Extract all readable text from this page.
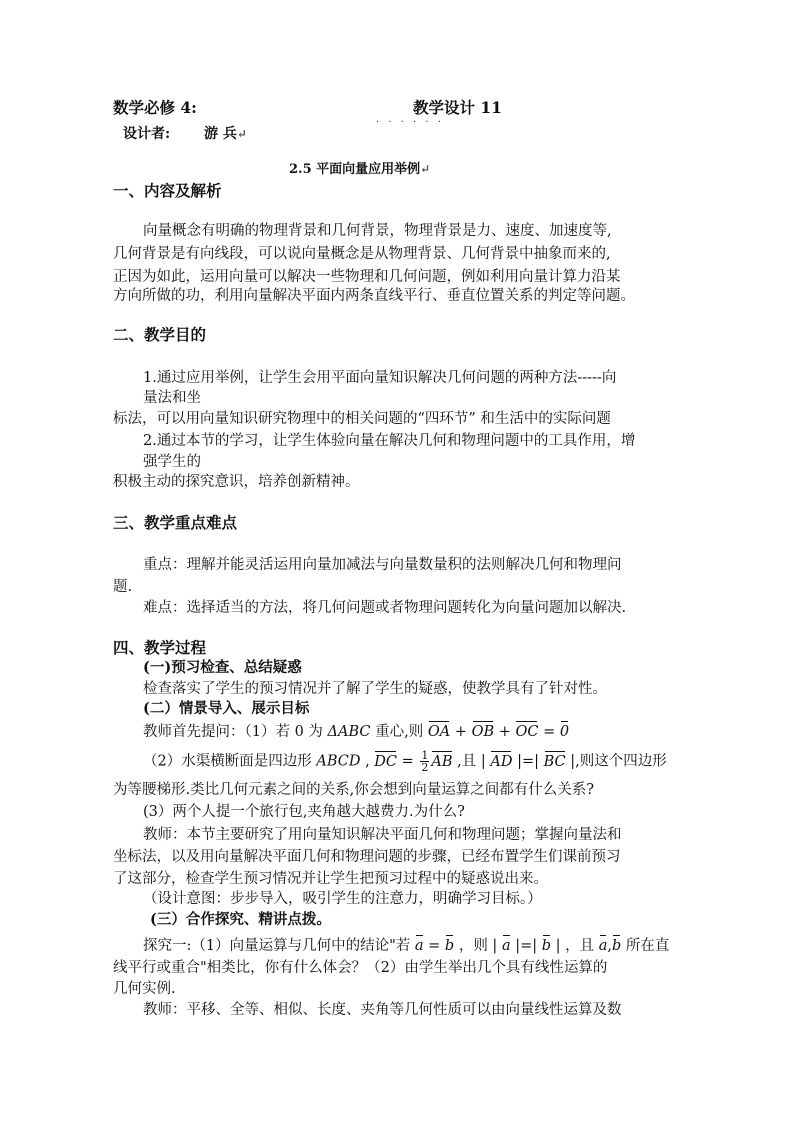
数学必修 4:	教学设计 11
· · · · · ·
设计者: 游 兵↵
2.5 平面向量应用举例↵
一、内容及解析
向量概念有明确的物理背景和几何背景，物理背景是力、速度、加速度等,
几何背景是有向线段，可以说向量概念是从物理背景、几何背景中抽象而来的,
正因为如此，运用向量可以解决一些物理和几何问题，例如利用向量计算力沿某
方向所做的功，利用向量解决平面内两条直线平行、垂直位置关系的判定等问题。
二、教学目的
1.通过应用举例，让学生会用平面向量知识解决几何问题的两种方法-----向
量法和坐
标法，可以用向量知识研究物理中的相关问题的“四环节” 和生活中的实际问题
2.通过本节的学习，让学生体验向量在解决几何和物理问题中的工具作用，增
强学生的
积极主动的探究意识，培养创新精神。
三、教学重点难点
重点：理解并能灵活运用向量加减法与向量数量积的法则解决几何和物理问
题.
难点：选择适当的方法，将几何问题或者物理问题转化为向量问题加以解决.
四、教学过程
(一)预习检查、总结疑惑
检查落实了学生的预习情况并了解了学生的疑惑，使教学具有了针对性。
(二）情景导入、展示目标
教师首先提问：（1）若 0 为 ΔABC 重心,则 OA + OB + OC = 0
（2）水渠横断面是四边形 ABCD , DC = $\frac{1}{2}$ AB ,且 | AD |=| BC |,则这个四边形
为等腰梯形.类比几何元素之间的关系,你会想到向量运算之间都有什么关系?
(3）两个人提一个旅行包,夹角越大越费力.为什么?
教师：本节主要研究了用向量知识解决平面几何和物理问题；掌握向量法和
坐标法，以及用向量解决平面几何和物理问题的步骤，已经布置学生们课前预习
了这部分，检查学生预习情况并让学生把预习过程中的疑惑说出来。
（设计意图：步步导入，吸引学生的注意力，明确学习目标。）
(三）合作探究、精讲点拨。
探究一:（1）向量运算与几何中的结论"若 a = b ，则 | a |=| b | ，且 a,b 所在直
线平行或重合"相类比，你有什么体会？（2）由学生举出几个具有线性运算的
几何实例.
教师：平移、全等、相似、长度、夹角等几何性质可以由向量线性运算及数
